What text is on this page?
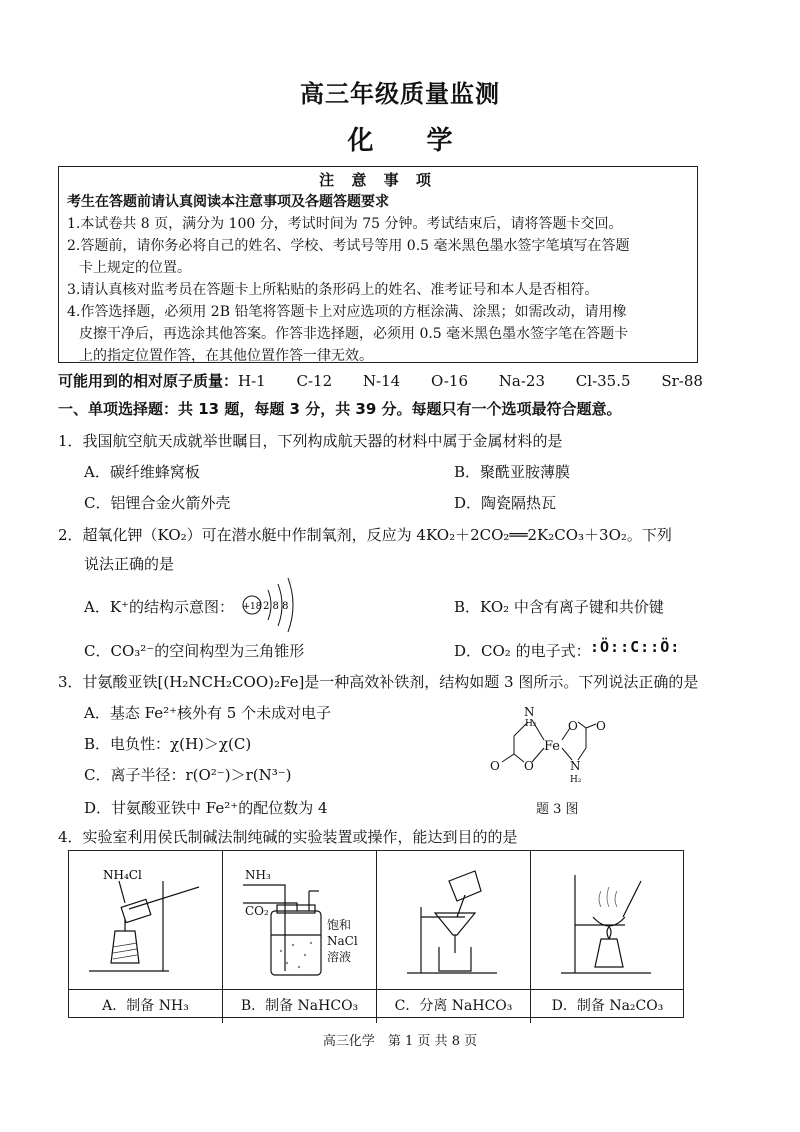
高三年级质量监测
化 学
注 意 事 项
考生在答题前请认真阅读本注意事项及各题答题要求
1.本试卷共 8 页，满分为 100 分，考试时间为 75 分钟。考试结束后，请将答题卡交回。
2.答题前，请你务必将自己的姓名、学校、考试号等用 0.5 毫米黑色墨水签字笔填写在答题
卡上规定的位置。
3.请认真核对监考员在答题卡上所粘贴的条形码上的姓名、准考证号和本人是否相符。
4.作答选择题，必须用 2B 铅笔将答题卡上对应选项的方框涂满、涂黑；如需改动，请用橡
皮擦干净后，再选涂其他答案。作答非选择题，必须用 0.5 毫米黑色墨水签字笔在答题卡
上的指定位置作答，在其他位置作答一律无效。
可能用到的相对原子质量：H-1 C-12 N-14 O-16 Na-23 Cl-35.5 Sr-88
一、单项选择题：共 13 题，每题 3 分，共 39 分。每题只有一个选项最符合题意。
1．我国航空航天成就举世瞩目，下列构成航天器的材料中属于金属材料的是
A．碳纤维蜂窝板	B．聚酰亚胺薄膜
C．铝锂合金火箭外壳	D．陶瓷隔热瓦
2．超氧化钾（KO₂）可在潜水艇中作制氧剂，反应为 4KO₂＋2CO₂══2K₂CO₃＋3O₂。下列
说法正确的是
A．K⁺的结构示意图： +18 2 8 8	B．KO₂ 中含有离子键和共价键
C．CO₃²⁻的空间构型为三角锥形	D．CO₂ 的电子式： :Ö::C::Ö:
3．甘氨酸亚铁[(H₂NCH₂COO)₂Fe]是一种高效补铁剂，结构如题 3 图所示。下列说法正确的是
A．基态 Fe²⁺核外有 5 个未成对电子
B．电负性：χ(H)＞χ(C)
C．离子半径：r(O²⁻)＞r(N³⁻)
D．甘氨酸亚铁中 Fe²⁺的配位数为 4
N
H₂
Fe
O O
O O	N
H₂
题 3 图
4．实验室利用侯氏制碱法制纯碱的实验装置或操作，能达到目的的是
NH₄Cl	NH₃
CO₂
饱和
NaCl
溶液
A．制备 NH₃	B．制备 NaHCO₃	C．分离 NaHCO₃	D．制备 Na₂CO₃
高三化学　第 1 页 共 8 页
